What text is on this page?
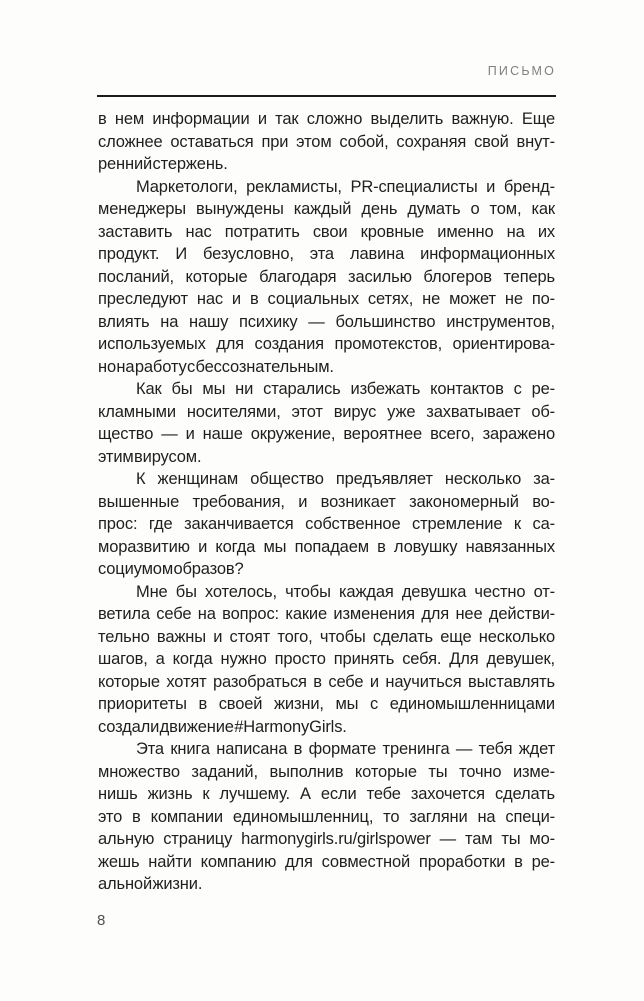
ПИСЬМО
в нем информации и так сложно выделить важную. Еще
сложнее оставаться при этом собой, сохраняя свой внут-
ренний стержень.
Маркетологи, рекламисты, PR-специалисты и бренд-
менеджеры вынуждены каждый день думать о том, как
заставить нас потратить свои кровные именно на их
продукт. И безусловно, эта лавина информационных
посланий, которые благодаря засилью блогеров теперь
преследуют нас и в социальных сетях, не может не по-
влиять на нашу психику — большинство инструментов,
используемых для создания промотекстов, ориентирова-
но на работу с бессознательным.
Как бы мы ни старались избежать контактов с ре-
кламными носителями, этот вирус уже захватывает об-
щество — и наше окружение, вероятнее всего, заражено
этим вирусом.
К женщинам общество предъявляет несколько за-
вышенные требования, и возникает закономерный во-
прос: где заканчивается собственное стремление к са-
моразвитию и когда мы попадаем в ловушку навязанных
социумом образов?
Мне бы хотелось, чтобы каждая девушка честно от-
ветила себе на вопрос: какие изменения для нее действи-
тельно важны и стоят того, чтобы сделать еще несколько
шагов, а когда нужно просто принять себя. Для девушек,
которые хотят разобраться в себе и научиться выставлять
приоритеты в своей жизни, мы с единомышленницами
создали движение #HarmonyGirls.
Эта книга написана в формате тренинга — тебя ждет
множество заданий, выполнив которые ты точно изме-
нишь жизнь к лучшему. А если тебе захочется сделать
это в компании единомышленниц, то загляни на специ-
альную страницу harmonygirls.ru/girlspower — там ты мо-
жешь найти компанию для совместной проработки в ре-
альной жизни.
8
